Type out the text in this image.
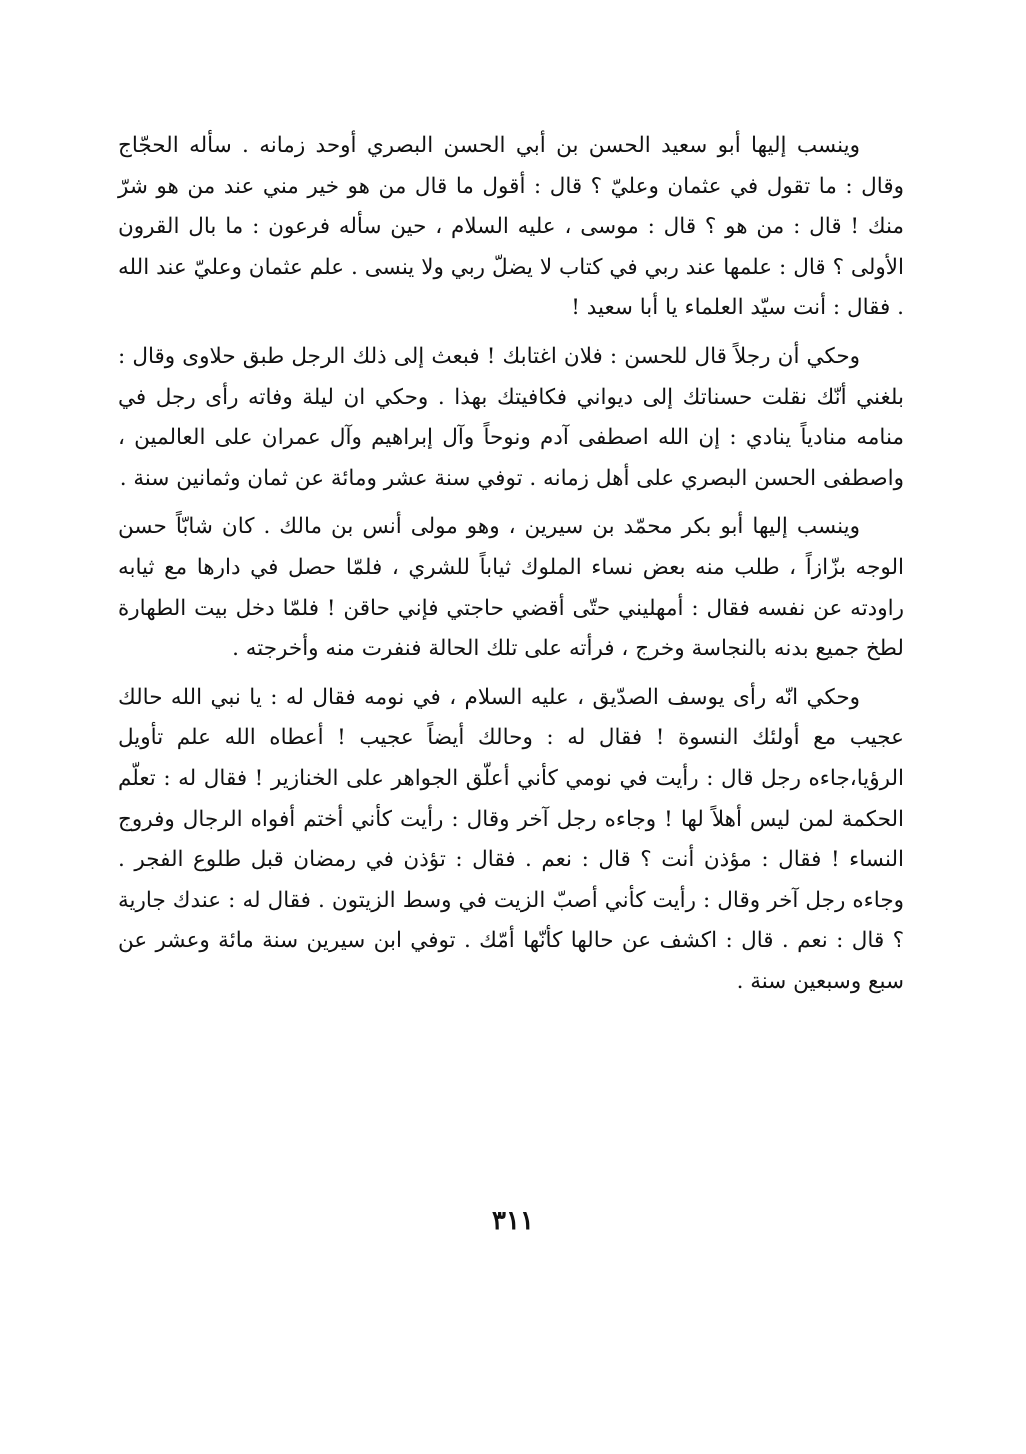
وينسب إليها أبو سعيد الحسن بن أبي الحسن البصري أوحد زمانه . سأله الحجّاج وقال : ما تقول في عثمان وعليّ ؟ قال : أقول ما قال من هو خير مني عند من هو شرّ منك ! قال : من هو ؟ قال : موسى ، عليه السلام ، حين سأله فرعون : ما بال القرون الأولى ؟ قال : علمها عند ربي في كتاب لا يضلّ ربي ولا ينسى . علم عثمان وعليّ عند الله . فقال : أنت سيّد العلماء يا أبا سعيد !

وحكي أن رجلاً قال للحسن : فلان اغتابك ! فبعث إلى ذلك الرجل طبق حلاوى وقال : بلغني أنّك نقلت حسناتك إلى ديواني فكافيتك بهذا . وحكي ان ليلة وفاته رأى رجل في منامه منادياً ينادي : إن الله اصطفى آدم ونوحاً وآل إبراهيم وآل عمران على العالمين ، واصطفى الحسن البصري على أهل زمانه . توفي سنة عشر ومائة عن ثمان وثمانين سنة .

وينسب إليها أبو بكر محمّد بن سيرين ، وهو مولى أنس بن مالك . كان شابّاً حسن الوجه بزّازاً ، طلب منه بعض نساء الملوك ثياباً للشري ، فلمّا حصل في دارها مع ثيابه راودته عن نفسه فقال : أمهليني حتّى أقضي حاجتي فإني حاقن ! فلمّا دخل بيت الطهارة لطخ جميع بدنه بالنجاسة وخرج ، فرأته على تلك الحالة فنفرت منه وأخرجته .

وحكي انّه رأى يوسف الصدّيق ، عليه السلام ، في نومه فقال له : يا نبي الله حالك عجيب مع أولئك النسوة ! فقال له : وحالك أيضاً عجيب ! أعطاه الله علم تأويل الرؤيا،جاءه رجل قال : رأيت في نومي كأني أعلّق الجواهر على الخنازير ! فقال له : تعلّم الحكمة لمن ليس أهلاً لها ! وجاءه رجل آخر وقال : رأيت كأني أختم أفواه الرجال وفروج النساء ! فقال : مؤذن أنت ؟ قال : نعم . فقال : تؤذن في رمضان قبل طلوع الفجر . وجاءه رجل آخر وقال : رأيت كأني أصبّ الزيت في وسط الزيتون . فقال له : عندك جارية ؟ قال : نعم . قال : اكشف عن حالها كأنّها أمّك . توفي ابن سيرين سنة مائة وعشر عن سبع وسبعين سنة .

٣١١
